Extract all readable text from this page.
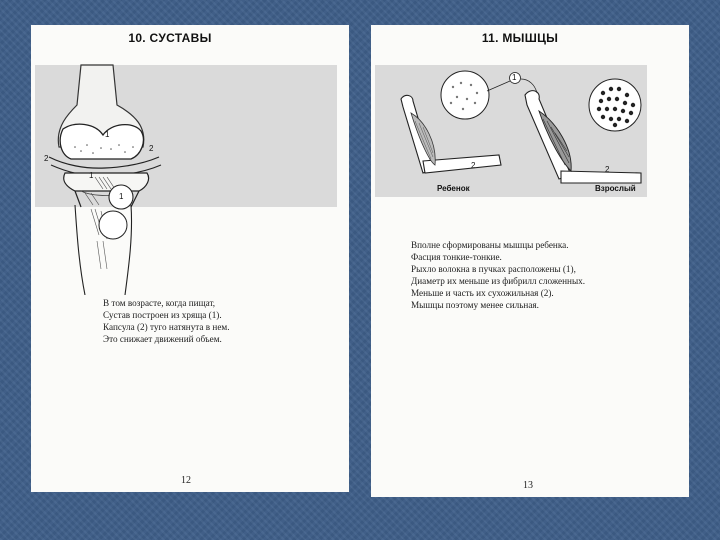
10. СУСТАВЫ
1
2
2
1
1
В том возрасте, когда пищат,
Сустав построен из хряща (1).
Капсула (2) туго натянута в нем.
Это снижает движений объем.
12
11. МЫШЦЫ
1
2	2
Ребенок	Взрослый
Вполне сформированы мышцы ребенка.
Фасция тонкие-тонкие.
Рыхло волокна в пучках расположены (1),
Диаметр их меньше из фибрилл сложенных.
Меньше и часть их сухожильная (2).
Мышцы поэтому менее сильная.
13
